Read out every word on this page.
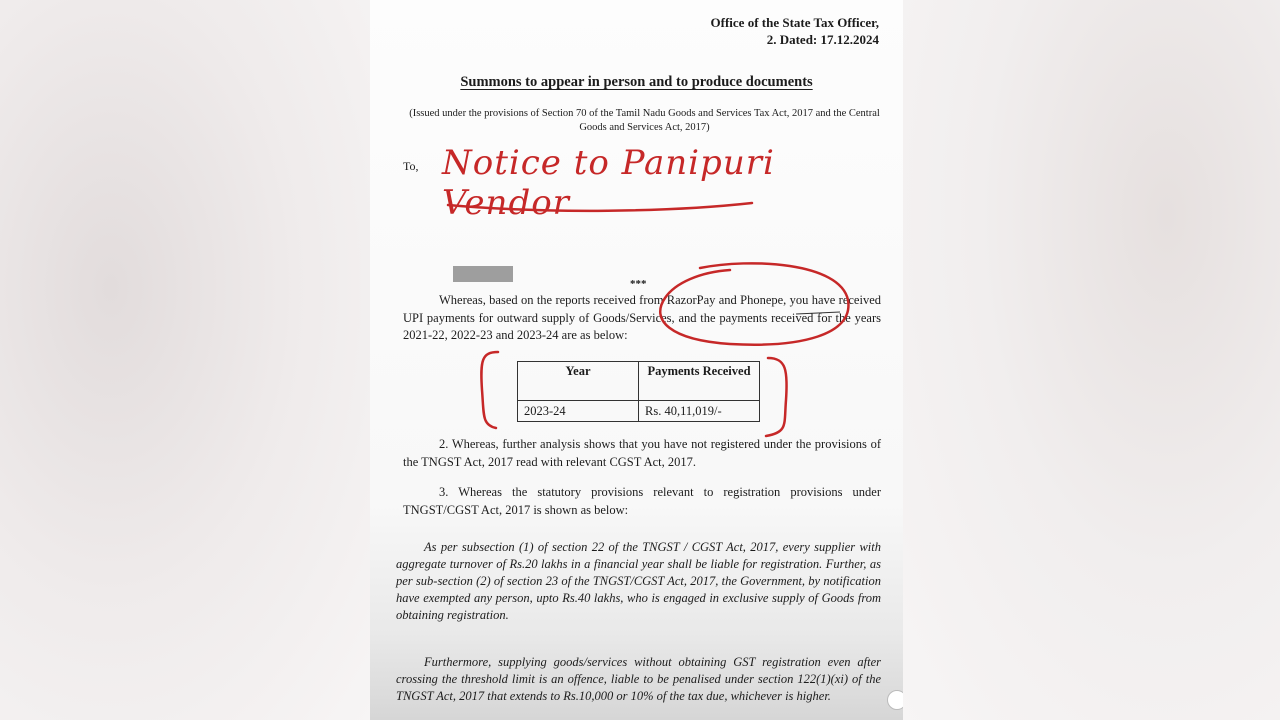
Office of the State Tax Officer,
2. Dated: 17.12.2024
Summons to appear in person and to produce documents
(Issued under the provisions of Section 70 of the Tamil Nadu Goods and Services Tax Act, 2017 and the Central Goods and Services Act, 2017)
To, Notice to Panipuri Vendor
***
Whereas, based on the reports received from RazorPay and Phonepe, you have received UPI payments for outward supply of Goods/Services, and the payments received for the years 2021-22, 2022-23 and 2023-24 are as below:
Year	Payments Received
2023-24	Rs. 40,11,019/-
2. Whereas, further analysis shows that you have not registered under the provisions of the TNGST Act, 2017 read with relevant CGST Act, 2017.
3. Whereas the statutory provisions relevant to registration provisions under TNGST/CGST Act, 2017 is shown as below:
As per subsection (1) of section 22 of the TNGST / CGST Act, 2017, every supplier with aggregate turnover of Rs.20 lakhs in a financial year shall be liable for registration. Further, as per sub-section (2) of section 23 of the TNGST/CGST Act, 2017, the Government, by notification have exempted any person, upto Rs.40 lakhs, who is engaged in exclusive supply of Goods from obtaining registration.
Furthermore, supplying goods/services without obtaining GST registration even after crossing the threshold limit is an offence, liable to be penalised under section 122(1)(xi) of the TNGST Act, 2017 that extends to Rs.10,000 or 10% of the tax due, whichever is higher.
